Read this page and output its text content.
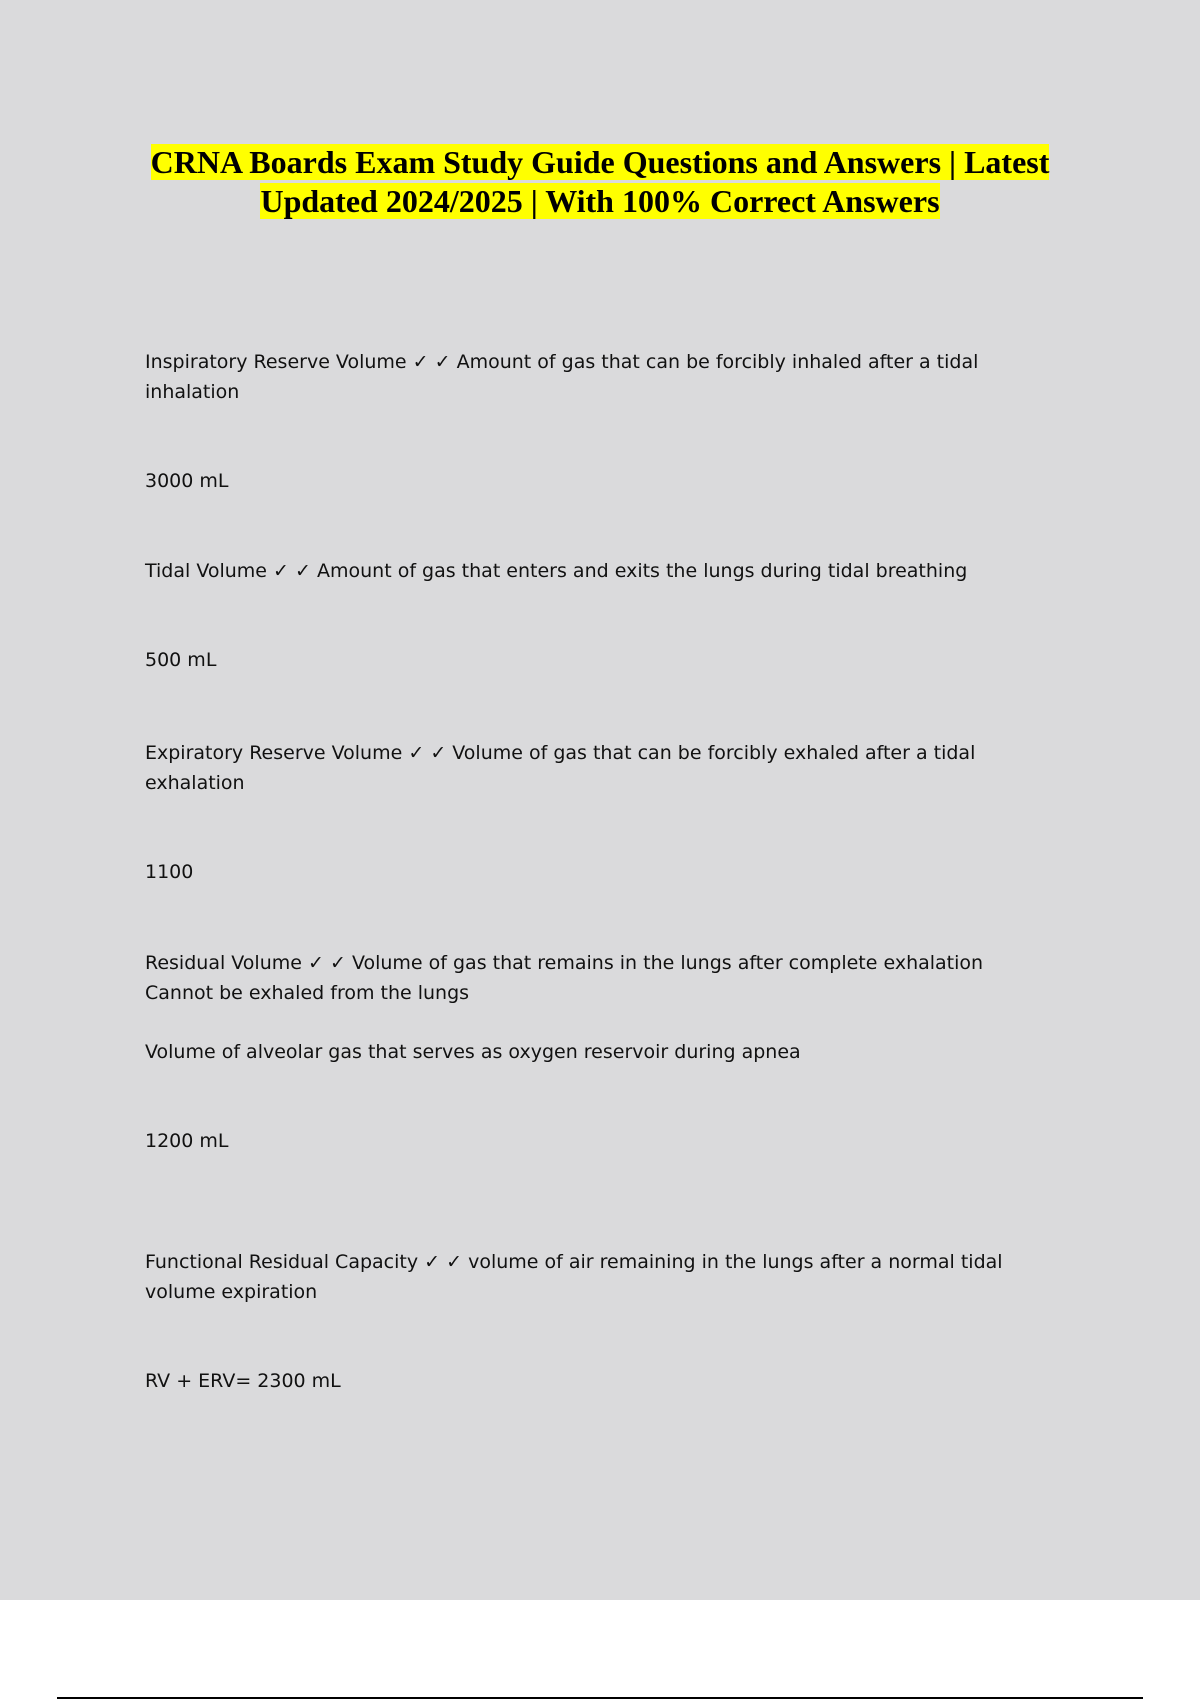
CRNA Boards Exam Study Guide Questions and Answers | Latest
Updated 2024/2025 | With 100% Correct Answers

Inspiratory Reserve Volume ✓ ✓ Amount of gas that can be forcibly inhaled after a tidal

inhalation

3000 mL

Tidal Volume ✓ ✓ Amount of gas that enters and exits the lungs during tidal breathing

500 mL

Expiratory Reserve Volume ✓ ✓ Volume of gas that can be forcibly exhaled after a tidal

exhalation

1100

Residual Volume ✓ ✓ Volume of gas that remains in the lungs after complete exhalation

Cannot be exhaled from the lungs

Volume of alveolar gas that serves as oxygen reservoir during apnea

1200 mL

Functional Residual Capacity ✓ ✓ volume of air remaining in the lungs after a normal tidal

volume expiration

RV + ERV= 2300 mL
